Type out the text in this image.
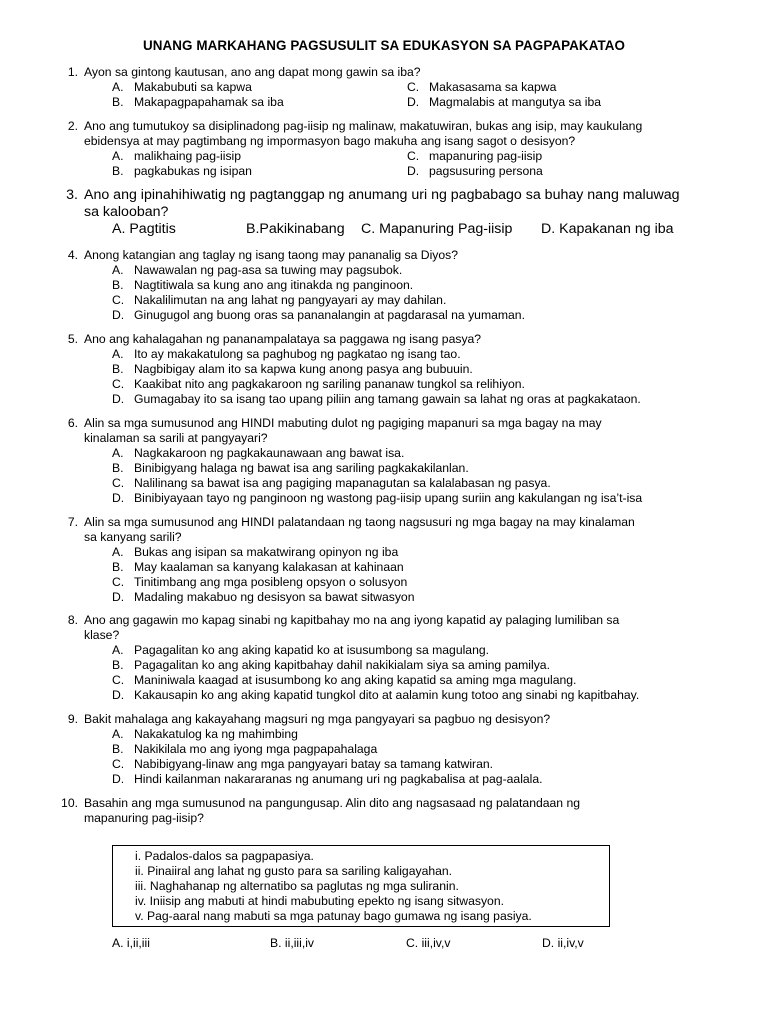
UNANG MARKAHANG PAGSUSULIT SA EDUKASYON SA PAGPAPAKATAO
1. Ayon sa gintong kautusan, ano ang dapat mong gawin sa iba?
A. Makabubuti sa kapwa	C. Makasasama sa kapwa
B. Makapagpapahamak sa iba	D. Magmalabis at mangutya sa iba
2. Ano ang tumutukoy sa disiplinadong pag-iisip ng malinaw, makatuwiran, bukas ang isip, may kaukulang
ebidensya at may pagtimbang ng impormasyon bago makuha ang isang sagot o desisyon?
A. malikhaing pag-iisip	C. mapanuring pag-iisip
B. pagkabukas ng isipan	D. pagsusuring persona
3. Ano ang ipinahihiwatig ng pagtanggap ng anumang uri ng pagbabago sa buhay nang maluwag
sa kalooban?
A. Pagtitis	B.Pakikinabang	C. Mapanuring Pag-iisip	D. Kapakanan ng iba
4. Anong katangian ang taglay ng isang taong may pananalig sa Diyos?
A. Nawawalan ng pag-asa sa tuwing may pagsubok.
B. Nagtitiwala sa kung ano ang itinakda ng panginoon.
C. Nakalilimutan na ang lahat ng pangyayari ay may dahilan.
D. Ginugugol ang buong oras sa pananalangin at pagdarasal na yumaman.
5. Ano ang kahalagahan ng pananampalataya sa paggawa ng isang pasya?
A. Ito ay makakatulong sa paghubog ng pagkatao ng isang tao.
B. Nagbibigay alam ito sa kapwa kung anong pasya ang bubuuin.
C. Kaakibat nito ang pagkakaroon ng sariling pananaw tungkol sa relihiyon.
D. Gumagabay ito sa isang tao upang piliin ang tamang gawain sa lahat ng oras at pagkakataon.
6. Alin sa mga sumusunod ang HINDI mabuting dulot ng pagiging mapanuri sa mga bagay na may
kinalaman sa sarili at pangyayari?
A. Nagkakaroon ng pagkakaunawaan ang bawat isa.
B. Binibigyang halaga ng bawat isa ang sariling pagkakakilanlan.
C. Nalilinang sa bawat isa ang pagiging mapanagutan sa kalalabasan ng pasya.
D. Binibiyayaan tayo ng panginoon ng wastong pag-iisip upang suriin ang kakulangan ng isa’t-isa
7. Alin sa mga sumusunod ang HINDI palatandaan ng taong nagsusuri ng mga bagay na may kinalaman
sa kanyang sarili?
A. Bukas ang isipan sa makatwirang opinyon ng iba
B. May kaalaman sa kanyang kalakasan at kahinaan
C. Tinitimbang ang mga posibleng opsyon o solusyon
D. Madaling makabuo ng desisyon sa bawat sitwasyon
8. Ano ang gagawin mo kapag sinabi ng kapitbahay mo na ang iyong kapatid ay palaging lumiliban sa
klase?
A. Pagagalitan ko ang aking kapatid ko at isusumbong sa magulang.
B. Pagagalitan ko ang aking kapitbahay dahil nakikialam siya sa aming pamilya.
C. Maniniwala kaagad at isusumbong ko ang aking kapatid sa aming mga magulang.
D. Kakausapin ko ang aking kapatid tungkol dito at aalamin kung totoo ang sinabi ng kapitbahay.
9. Bakit mahalaga ang kakayahang magsuri ng mga pangyayari sa pagbuo ng desisyon?
A. Nakakatulog ka ng mahimbing
B. Nakikilala mo ang iyong mga pagpapahalaga
C. Nabibigyang-linaw ang mga pangyayari batay sa tamang katwiran.
D. Hindi kailanman nakararanas ng anumang uri ng pagkabalisa at pag-aalala.
10. Basahin ang mga sumusunod na pangungusap. Alin dito ang nagsasaad ng palatandaan ng
mapanuring pag-iisip?
i. Padalos-dalos sa pagpapasiya.
ii. Pinaiiral ang lahat ng gusto para sa sariling kaligayahan.
iii. Naghahanap ng alternatibo sa paglutas ng mga suliranin.
iv. Iniisip ang mabuti at hindi mabubuting epekto ng isang sitwasyon.
v. Pag-aaral nang mabuti sa mga patunay bago gumawa ng isang pasiya.
A. i,ii,iii	B. ii,iii,iv	C. iii,iv,v	D. ii,iv,v
